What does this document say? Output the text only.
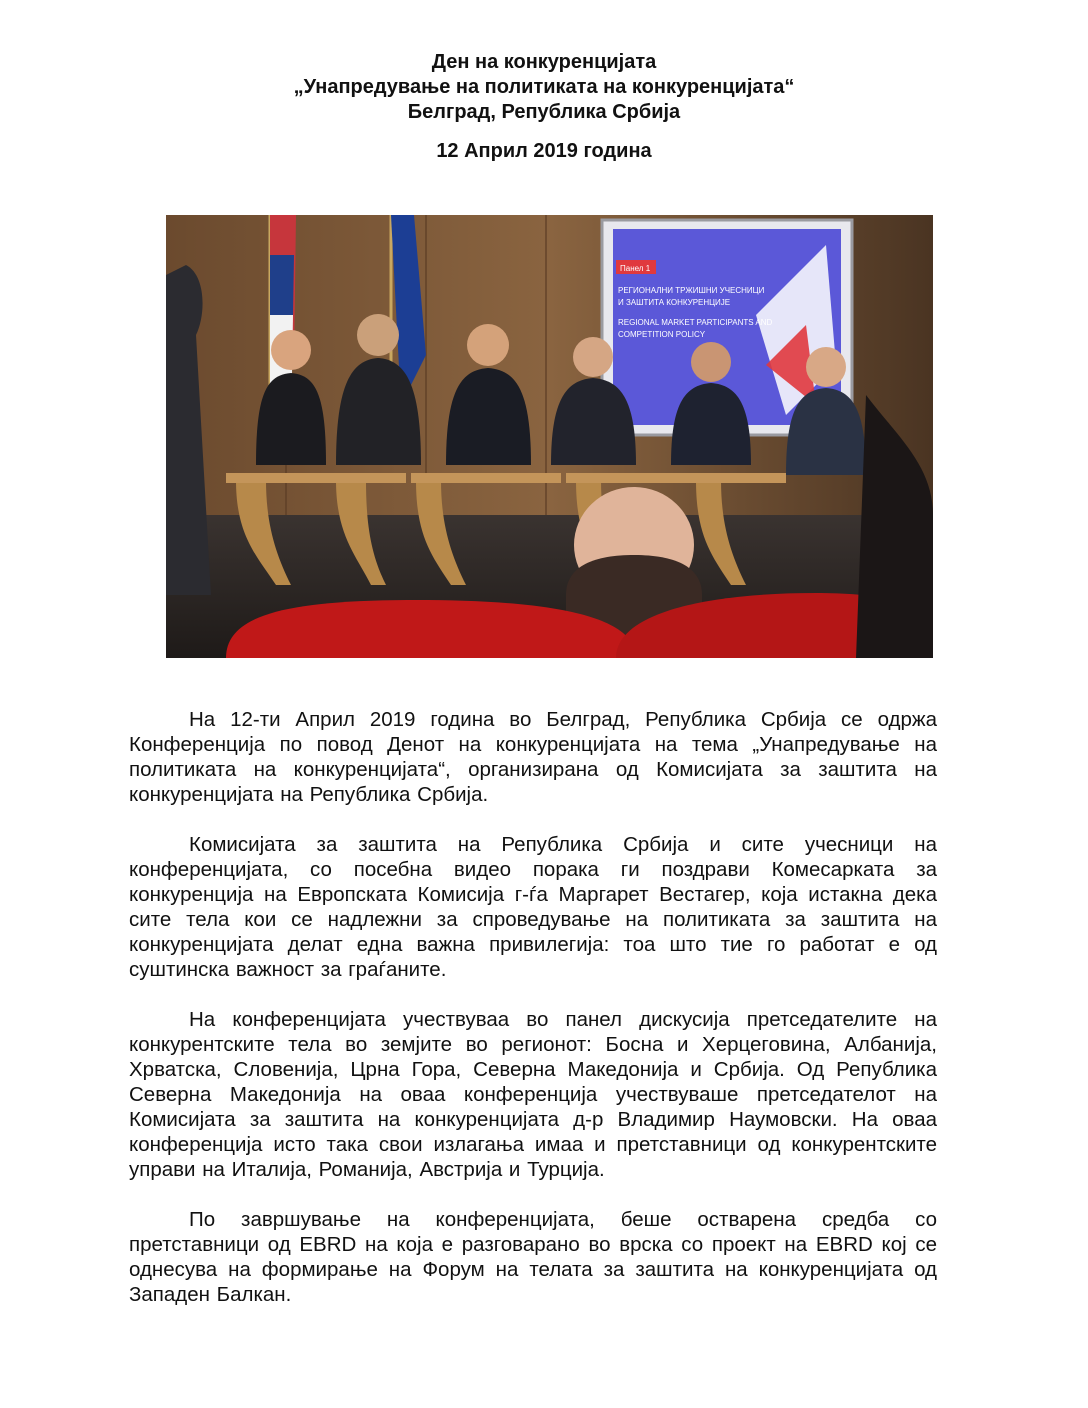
Ден на конкуренцијата
„Унапредување на политиката на конкуренцијата“
Белград, Република Србија
12 Април 2019 година
Панел 1
РЕГИОНАЛНИ ТРЖИШНИ УЧЕСНИЦИ
И ЗАШТИТА КОНКУРЕНЦИЈЕ
REGIONAL MARKET PARTICIPANTS AND
COMPETITION POLICY

На 12-ти Април 2019 година во Белград, Република Србија се одржа Конференција по повод Денот на конкуренцијата на тема „Унапредување на политиката на конкуренцијата“, организирана од Комисијата за заштита на конкуренцијата на Република Србија.

Комисијата за заштита на Република Србија и сите учесници на конференцијата, со посебна видео порака ги поздрави Комесарката за конкуренција на Европската Комисија г-ѓа Маргарет Вестагер, која истакна дека сите тела кои се надлежни за спроведување на политиката за заштита на конкуренцијата делат една важна привилегија: тоа што тие го работат е од суштинска важност за граѓаните.

На конференцијата учествуваа во панел дискусија претседателите на конкурентските тела во земјите во регионот: Босна и Херцеговина, Албанија, Хрватска, Словенија, Црна Гора, Северна Македонија и Србија. Од Република Северна Македонија на оваа конференција учествуваше претседателот на Комисијата за заштита на конкуренцијата д-р Владимир Наумовски. На оваа конференција исто така свои излагања имаа и претставници од конкурентските управи на Италија, Романија, Австрија и Турција.

По завршување на конференцијата, беше остварена средба со претставници од EBRD на која е разговарано во врска со проект на EBRD кој се однесува на формирање на Форум на телата за заштита на конкуренцијата од Западен Балкан.
